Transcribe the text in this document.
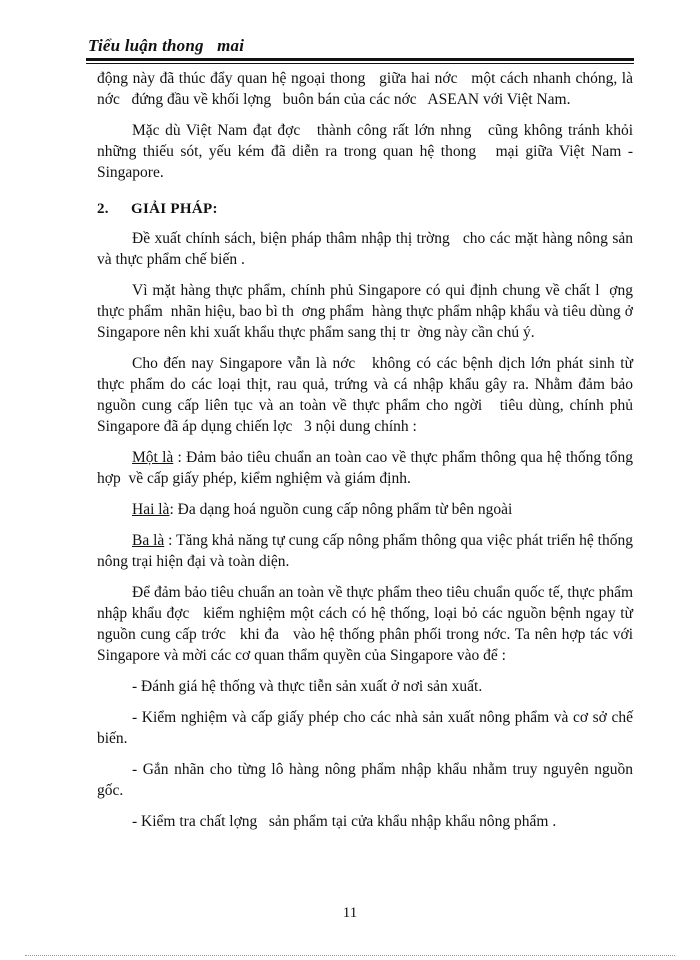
Tiểu luận thong   mai

động này đã thúc đẩy quan hệ ngoại thong   giữa hai nớc   một cách nhanh chóng, là nớc   đứng đầu về khối lợng   buôn bán của các nớc   ASEAN với Việt Nam.

Mặc dù Việt Nam đạt đợc   thành công rất lớn nhng   cũng không tránh khỏi những thiếu sót, yếu kém đã diễn ra trong quan hệ thong   mại giữa Việt Nam - Singapore.

2. GIẢI PHÁP:

Đề xuất chính sách, biện pháp thâm nhập thị trờng   cho các mặt hàng nông sản và thực phẩm chế biến .

Vì mặt hàng thực phẩm, chính phủ Singapore có qui định chung về chất l  ợng thực phẩm  nhãn hiệu, bao bì th  ơng phẩm  hàng thực phẩm nhập khẩu và tiêu dùng ở Singapore nên khi xuất khẩu thực phẩm sang thị tr  ờng này cần chú ý.

Cho đến nay Singapore vẫn là nớc   không có các bệnh dịch lớn phát sinh từ thực phẩm do các loại thịt, rau quả, trứng và cá nhập khẩu gây ra. Nhằm đảm bảo nguồn cung cấp liên tục và an toàn về thực phẩm cho ngời   tiêu dùng, chính phủ Singapore đã áp dụng chiến lợc   3 nội dung chính :

Một là : Đảm bảo tiêu chuẩn an toàn cao về thực phẩm thông qua hệ thống tổng hợp  về cấp giấy phép, kiểm nghiệm và giám định.

Hai là: Đa dạng hoá nguồn cung cấp nông phẩm từ bên ngoài

Ba là : Tăng khả năng tự cung cấp nông phẩm thông qua việc phát triển hệ thống nông trại hiện đại và toàn diện.

Để đảm bảo tiêu chuẩn an toàn về thực phẩm theo tiêu chuẩn quốc tế, thực phẩm nhập khẩu đợc   kiểm nghiệm một cách có hệ thống, loại bỏ các nguồn bệnh ngay từ nguồn cung cấp trớc   khi đa   vào hệ thống phân phối trong nớc. Ta nên hợp tác với Singapore và mời các cơ quan thẩm quyền của Singapore vào để :

- Đánh giá hệ thống và thực tiễn sản xuất ở nơi sản xuất.

- Kiểm nghiệm và cấp giấy phép cho các nhà sản xuất nông phẩm và cơ sở chế biến.

- Gắn nhãn cho từng lô hàng nông phẩm nhập khẩu nhằm truy nguyên nguồn gốc.

- Kiểm tra chất lợng   sản phẩm tại cửa khẩu nhập khẩu nông phẩm .

11
